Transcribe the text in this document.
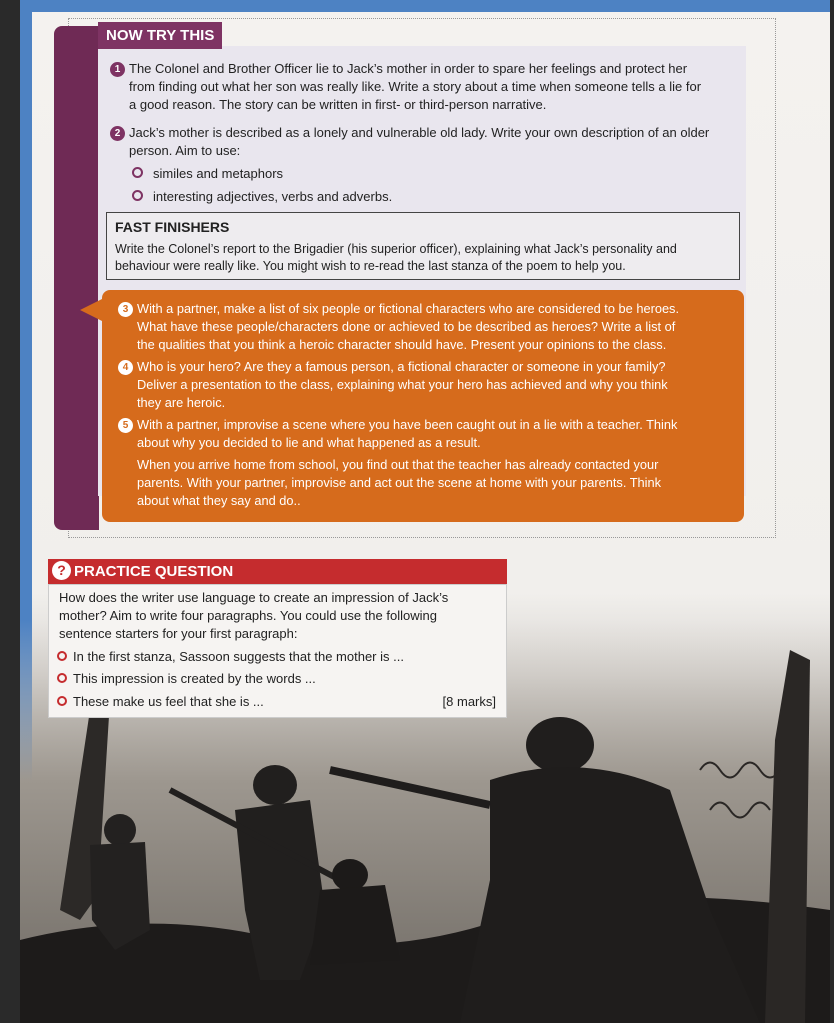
NOW TRY THIS
1 The Colonel and Brother Officer lie to Jack’s mother in order to spare her feelings and protect her
from finding out what her son was really like. Write a story about a time when someone tells a lie for
a good reason. The story can be written in first- or third-person narrative.
2 Jack’s mother is described as a lonely and vulnerable old lady. Write your own description of an older
person. Aim to use:
similes and metaphors
interesting adjectives, verbs and adverbs.
FAST FINISHERS
Write the Colonel’s report to the Brigadier (his superior officer), explaining what Jack’s personality and
behaviour were really like. You might wish to re-read the last stanza of the poem to help you.
3 With a partner, make a list of six people or fictional characters who are considered to be heroes.
What have these people/characters done or achieved to be described as heroes? Write a list of
the qualities that you think a heroic character should have. Present your opinions to the class.
4 Who is your hero? Are they a famous person, a fictional character or someone in your family?
Deliver a presentation to the class, explaining what your hero has achieved and why you think
they are heroic.
5 With a partner, improvise a scene where you have been caught out in a lie with a teacher. Think
about why you decided to lie and what happened as a result.
When you arrive home from school, you find out that the teacher has already contacted your
parents. With your partner, improvise and act out the scene at home with your parents. Think
about what they say and do..
? PRACTICE QUESTION
How does the writer use language to create an impression of Jack’s
mother? Aim to write four paragraphs. You could use the following
sentence starters for your first paragraph:
In the first stanza, Sassoon suggests that the mother is ...
This impression is created by the words ...
These make us feel that she is ...	[8 marks]
